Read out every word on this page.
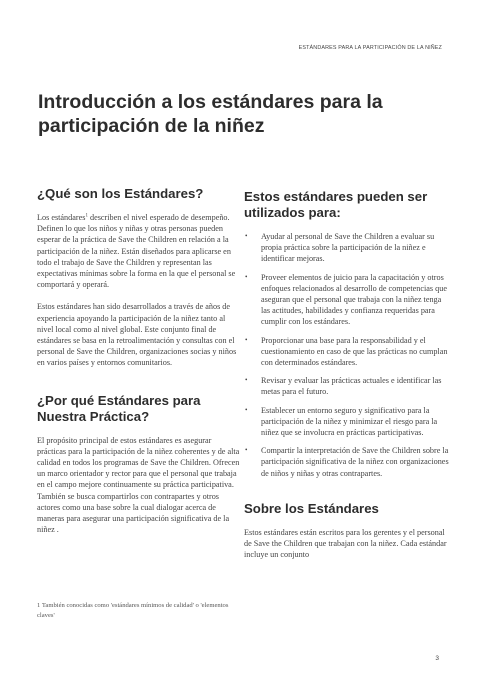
ESTÁNDARES PARA LA PARTICIPACIÓN DE LA NIÑEZ
Introducción a los estándares para la participación de la niñez
¿Qué son los Estándares?

Los estándares$^1$ describen el nivel esperado de desempeño. Definen lo que los niños y niñas y otras personas pueden esperar de la práctica de Save the Children en relación a la participación de la niñez. Están diseñados para aplicarse en todo el trabajo de Save the Children y representan las expectativas mínimas sobre la forma en la que el personal se comportará y operará.

Estos estándares han sido desarrollados a través de años de experiencia apoyando la participación de la niñez tanto al nivel local como al nivel global. Este conjunto final de estándares se basa en la retroalimentación y consultas con el personal de Save the Children, organizaciones socias y niños en varios países y entornos comunitarios.

¿Por qué Estándares para Nuestra Práctica?

El propósito principal de estos estándares es asegurar prácticas para la participación de la niñez coherentes y de alta calidad en todos los programas de Save the Children. Ofrecen un marco orientador y rector para que el personal que trabaja en el campo mejore continuamente su práctica participativa. También se busca compartirlos con contrapartes y otros actores como una base sobre la cual dialogar acerca de maneras para asegurar una participación significativa de la niñez .

Estos estándares pueden ser utilizados para:
• Ayudar al personal de Save the Children a evaluar su propia práctica sobre la participación de la niñez e identificar mejoras.
• Proveer elementos de juicio para la capacitación y otros enfoques relacionados al desarrollo de competencias que aseguran que el personal que trabaja con la niñez tenga las actitudes, habilidades y confianza requeridas para cumplir con los estándares.
• Proporcionar una base para la responsabilidad y el cuestionamiento en caso de que las prácticas no cumplan con determinados estándares.
• Revisar y evaluar las prácticas actuales e identificar las metas para el futuro.
• Establecer un entorno seguro y significativo para la participación de la niñez y minimizar el riesgo para la niñez que se involucra en prácticas participativas.
• Compartir la interpretación de Save the Children sobre la participación significativa de la niñez con organizaciones de niños y niñas y otras contrapartes.
Sobre los Estándares

Estos estándares están escritos para los gerentes y el personal de Save the Children que trabajan con la niñez. Cada estándar incluye un conjunto

1 También conocidas como 'estándares mínimos de calidad' o 'elementos claves'
3
